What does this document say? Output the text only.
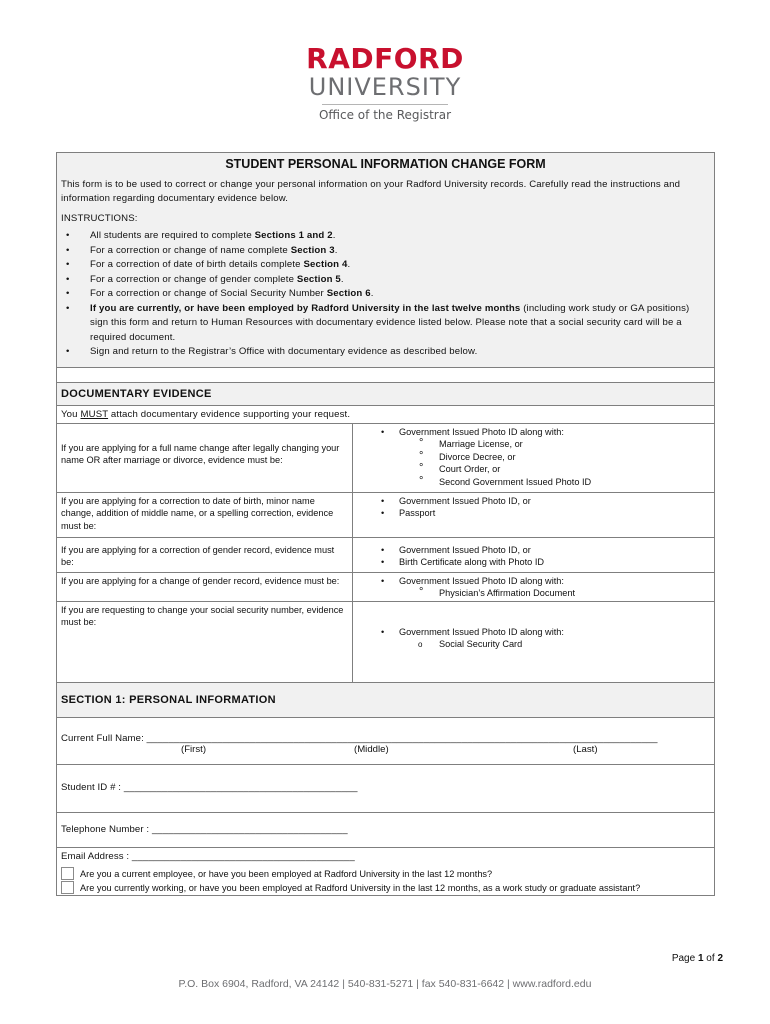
RADFORD
UNIVERSITY
Office of the Registrar
STUDENT PERSONAL INFORMATION CHANGE FORM
This form is to be used to correct or change your personal information on your Radford University records. Carefully read the instructions and information regarding documentary evidence below.
INSTRUCTIONS:
• All students are required to complete Sections 1 and 2.
• For a correction or change of name complete Section 3.
• For a correction of date of birth details complete Section 4.
• For a correction or change of gender complete Section 5.
• For a correction or change of Social Security Number Section 6.
• If you are currently, or have been employed by Radford University in the last twelve months (including work study or GA positions) sign this form and return to Human Resources with documentary evidence listed below. Please note that a social security card will be a required document.
• Sign and return to the Registrar’s Office with documentary evidence as described below.
DOCUMENTARY EVIDENCE
You MUST attach documentary evidence supporting your request.
If you are applying for a full name change after legally changing your name OR after marriage or divorce, evidence must be:
• Government Issued Photo ID along with:
° Marriage License, or
° Divorce Decree, or
° Court Order, or
° Second Government Issued Photo ID
If you are applying for a correction to date of birth, minor name change, addition of middle name, or a spelling correction, evidence must be:
• Government Issued Photo ID, or
• Passport
If you are applying for a correction of gender record, evidence must be:
• Government Issued Photo ID, or
• Birth Certificate along with Photo ID
If you are applying for a change of gender record, evidence must be:
•	Government Issued Photo ID along with:
° Physician’s Affirmation Document
If you are requesting to change your social security number, evidence must be:
• Government Issued Photo ID along with:
o Social Security Card
SECTION 1: PERSONAL INFORMATION
Current Full Name: ______________________________________________________________________________________________
(First)	(Middle)	(Last)
Student ID # : ___________________________________________
Telephone Number : ____________________________________
Email Address : _________________________________________
Are you a current employee, or have you been employed at Radford University in the last 12 months?
Are you currently working, or have you been employed at Radford University in the last 12 months, as a work study or graduate assistant?
Page 1 of 2
P.O. Box 6904, Radford, VA 24142 | 540-831-5271 | fax 540-831-6642 | www.radford.edu
